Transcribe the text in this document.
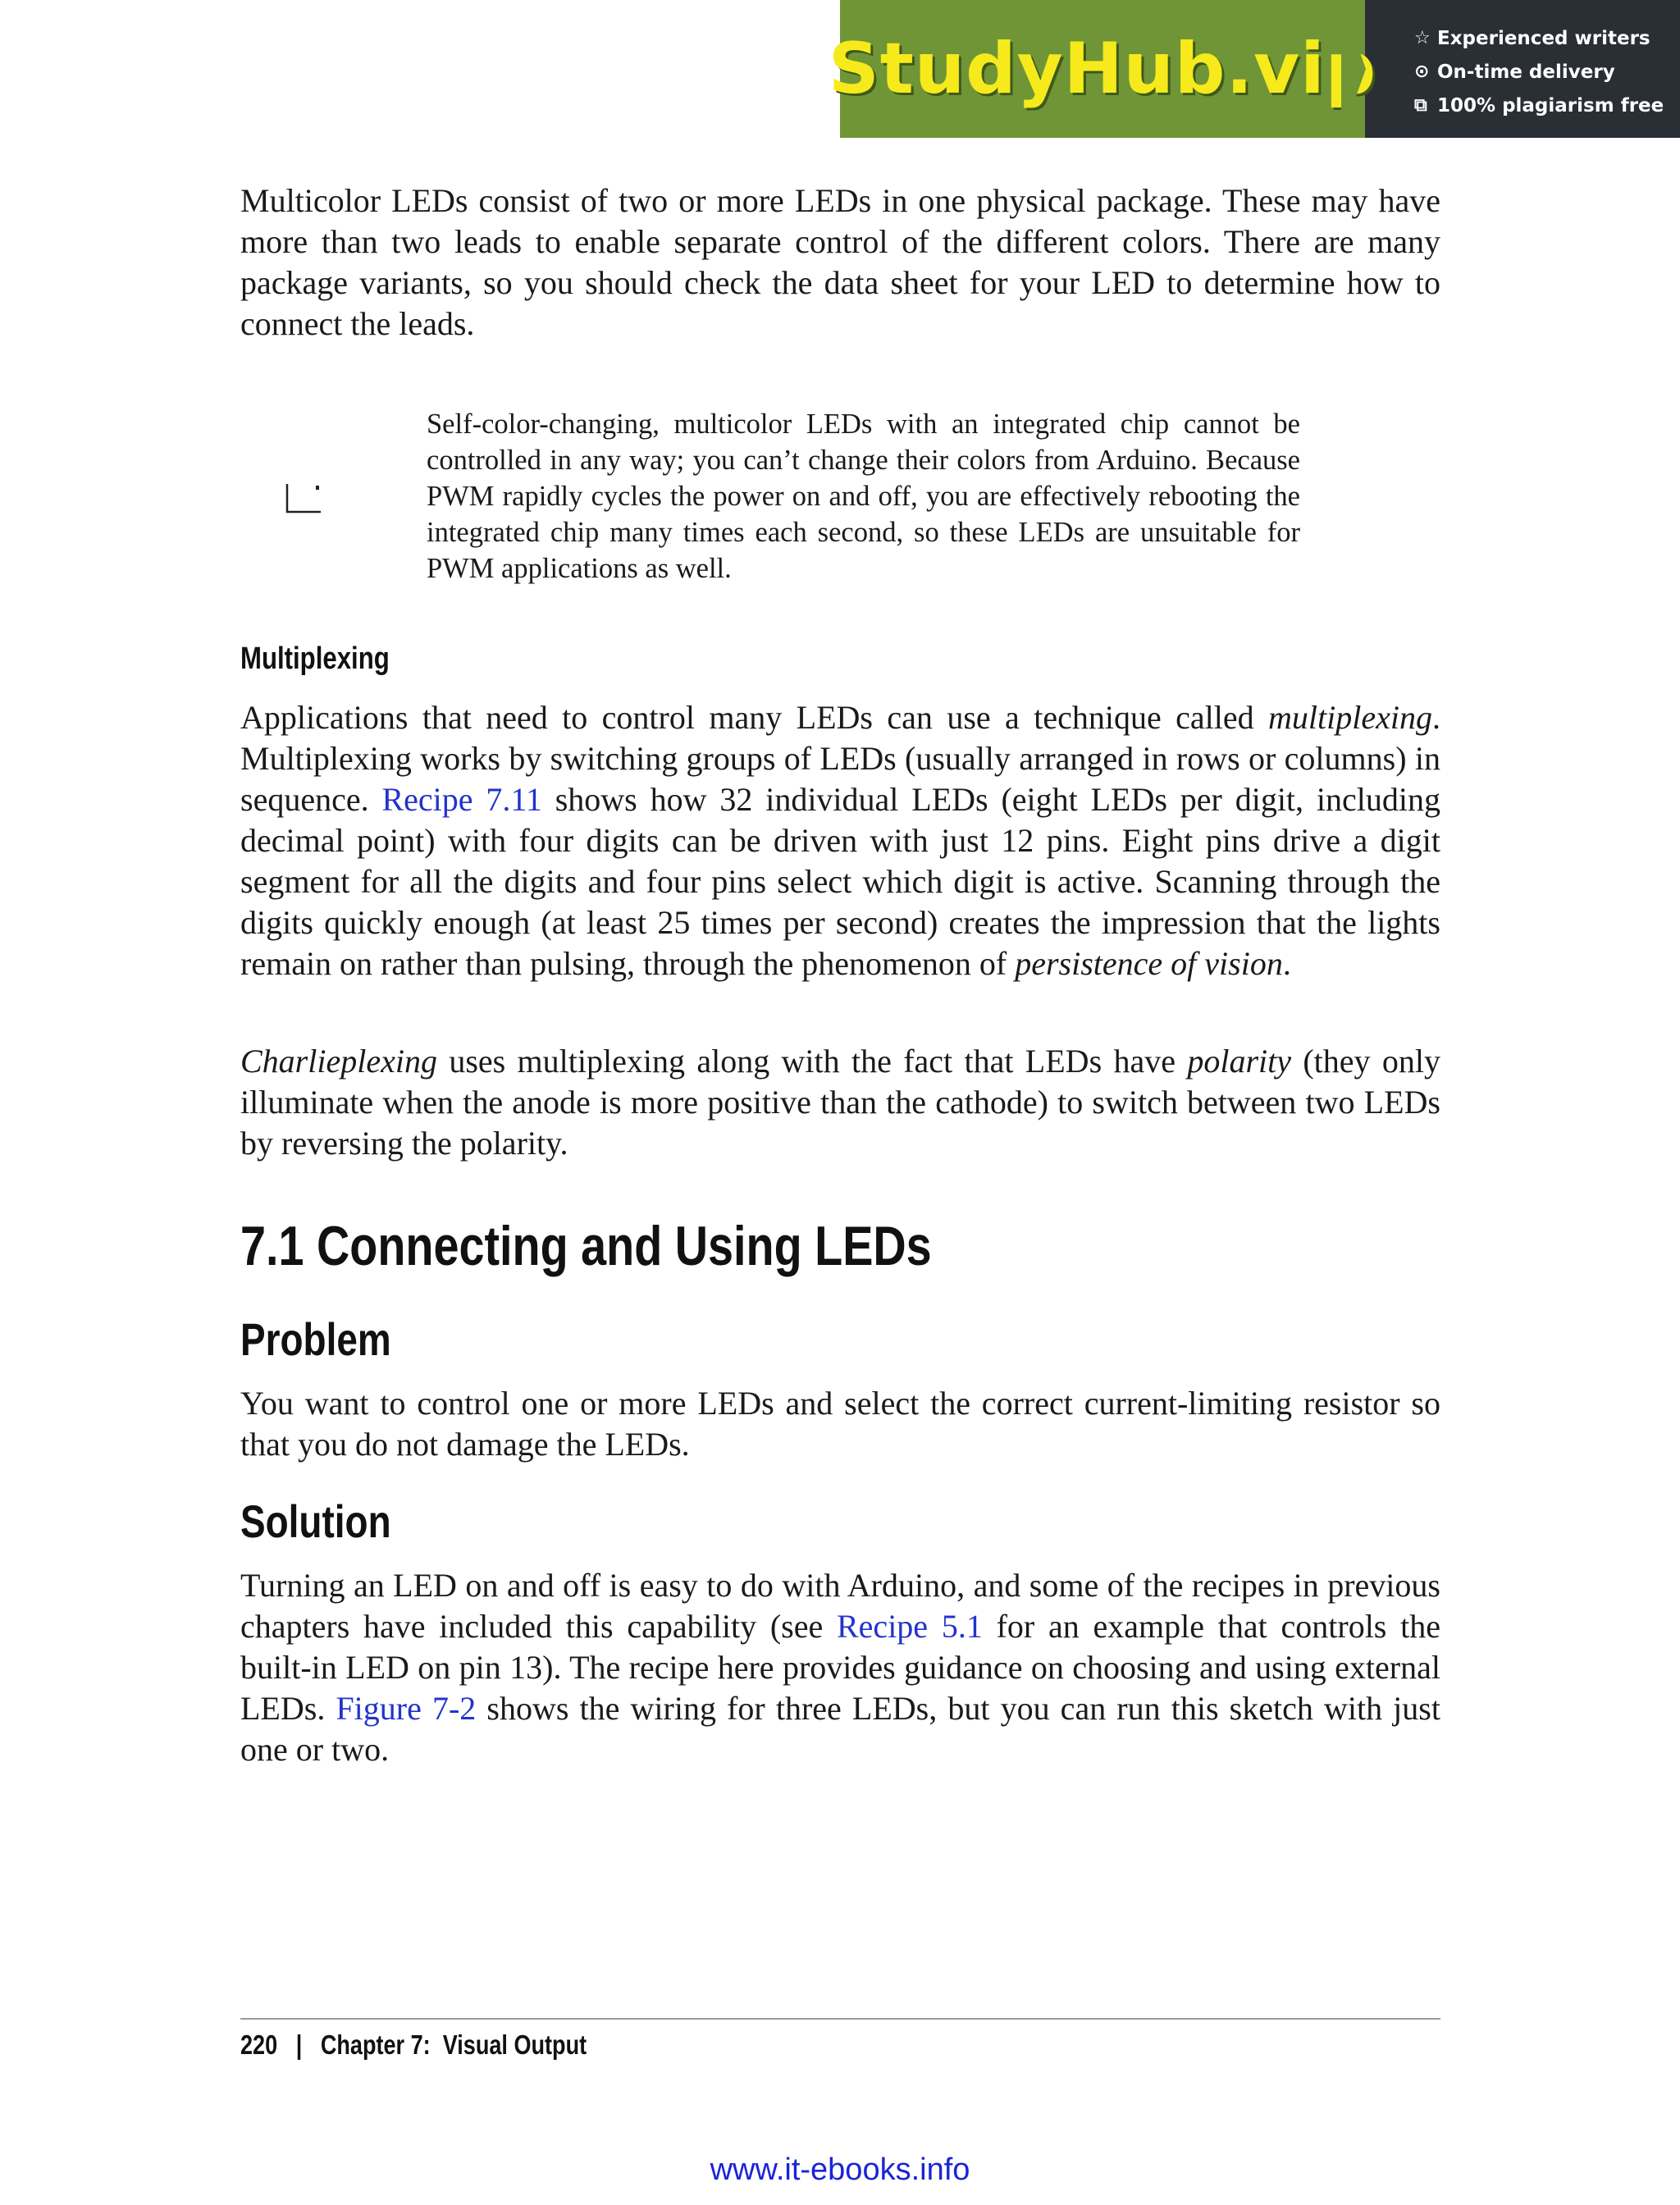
StudyHub.vip ☆ Experienced writers
⊙ On-time delivery
⧉ 100% plagiarism free

Multicolor LEDs consist of two or more LEDs in one physical package. These may have more than two leads to enable separate control of the different colors. There are many package variants, so you should check the data sheet for your LED to determine how to connect the leads.

Self-color-changing, multicolor LEDs with an integrated chip cannot be controlled in any way; you can’t change their colors from Arduino. Because PWM rapidly cycles the power on and off, you are effectively rebooting the integrated chip many times each second, so these LEDs are unsuitable for PWM applications as well.

Multiplexing

Applications that need to control many LEDs can use a technique called multiplexing. Multiplexing works by switching groups of LEDs (usually arranged in rows or columns) in sequence. Recipe 7.11 shows how 32 individual LEDs (eight LEDs per digit, including decimal point) with four digits can be driven with just 12 pins. Eight pins drive a digit segment for all the digits and four pins select which digit is active. Scanning through the digits quickly enough (at least 25 times per second) creates the impression that the lights remain on rather than pulsing, through the phenomenon of persistence of vision.

Charlieplexing uses multiplexing along with the fact that LEDs have polarity (they only illuminate when the anode is more positive than the cathode) to switch between two LEDs by reversing the polarity.

7.1 Connecting and Using LEDs
Problem

You want to control one or more LEDs and select the correct current-limiting resistor so that you do not damage the LEDs.

Solution

Turning an LED on and off is easy to do with Arduino, and some of the recipes in previous chapters have included this capability (see Recipe 5.1 for an example that controls the built-in LED on pin 13). The recipe here provides guidance on choosing and using external LEDs. Figure 7-2 shows the wiring for three LEDs, but you can run this sketch with just one or two.

220 | Chapter 7:  Visual Output
www.it-ebooks.info
